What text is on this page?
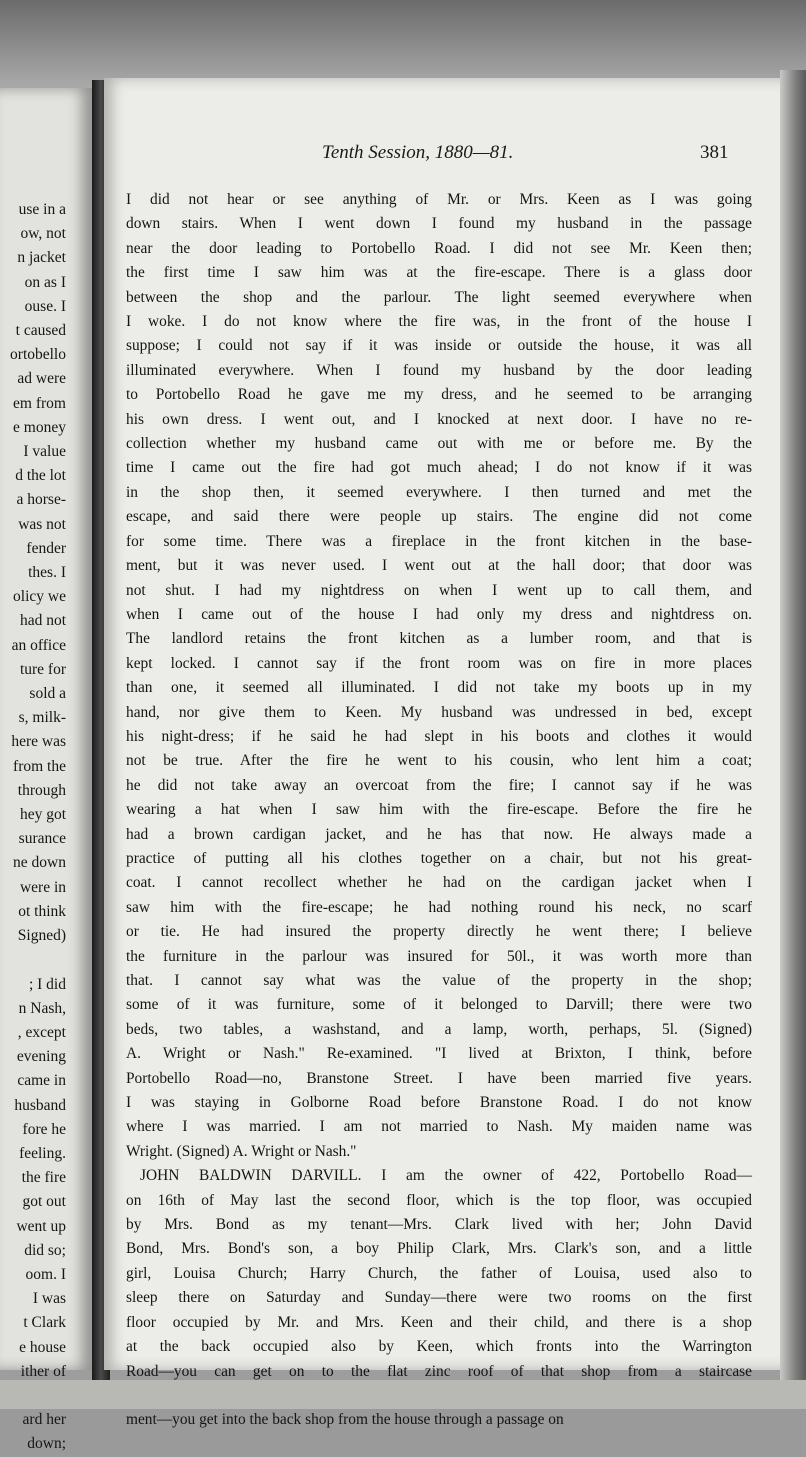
use in a
ow, not
n jacket
on as I
ouse. I
t caused
ortobello
ad were
em from
e money
I value
d the lot
a horse-
was not
fender
thes. I
olicy we
had not
an office
ture for
sold a
s, milk-
here was
from the
through
hey got
surance
ne down
were in
ot think
Signed)

; I did
n Nash,
, except
evening
came in
husband
fore he
feeling.
the fire
got out
went up
did so;
oom. I
I was
t Clark
e house
ither of
ard her
down;
Tenth Session, 1880—81.	381
I did not hear or see anything of Mr. or Mrs. Keen as I was going
down stairs. When I went down I found my husband in the passage
near the door leading to Portobello Road. I did not see Mr. Keen then;
the first time I saw him was at the fire-escape. There is a glass door
between the shop and the parlour. The light seemed everywhere when
I woke. I do not know where the fire was, in the front of the house I
suppose; I could not say if it was inside or outside the house, it was all
illuminated everywhere. When I found my husband by the door leading
to Portobello Road he gave me my dress, and he seemed to be arranging
his own dress. I went out, and I knocked at next door. I have no re-
collection whether my husband came out with me or before me. By the
time I came out the fire had got much ahead; I do not know if it was
in the shop then, it seemed everywhere. I then turned and met the
escape, and said there were people up stairs. The engine did not come
for some time. There was a fireplace in the front kitchen in the base-
ment, but it was never used. I went out at the hall door; that door was
not shut. I had my nightdress on when I went up to call them, and
when I came out of the house I had only my dress and nightdress on.
The landlord retains the front kitchen as a lumber room, and that is
kept locked. I cannot say if the front room was on fire in more places
than one, it seemed all illuminated. I did not take my boots up in my
hand, nor give them to Keen. My husband was undressed in bed, except
his night-dress; if he said he had slept in his boots and clothes it would
not be true. After the fire he went to his cousin, who lent him a coat;
he did not take away an overcoat from the fire; I cannot say if he was
wearing a hat when I saw him with the fire-escape. Before the fire he
had a brown cardigan jacket, and he has that now. He always made a
practice of putting all his clothes together on a chair, but not his great-
coat. I cannot recollect whether he had on the cardigan jacket when I
saw him with the fire-escape; he had nothing round his neck, no scarf
or tie. He had insured the property directly he went there; I believe
the furniture in the parlour was insured for 50l., it was worth more than
that. I cannot say what was the value of the property in the shop;
some of it was furniture, some of it belonged to Darvill; there were two
beds, two tables, a washstand, and a lamp, worth, perhaps, 5l. (Signed)
A. Wright or Nash." Re-examined. "I lived at Brixton, I think, before
Portobello Road—no, Branstone Street. I have been married five years.
I was staying in Golborne Road before Branstone Road. I do not know
where I was married. I am not married to Nash. My maiden name was
Wright. (Signed) A. Wright or Nash."
JOHN BALDWIN DARVILL. I am the owner of 422, Portobello Road—
on 16th of May last the second floor, which is the top floor, was occupied
by Mrs. Bond as my tenant—Mrs. Clark lived with her; John David
Bond, Mrs. Bond's son, a boy Philip Clark, Mrs. Clark's son, and a little
girl, Louisa Church; Harry Church, the father of Louisa, used also to
sleep there on Saturday and Sunday—there were two rooms on the first
floor occupied by Mr. and Mrs. Keen and their child, and there is a shop
at the back occupied also by Keen, which fronts into the Warrington
Road—you can get on to the flat zinc roof of that shop from a staircase
ment—you get into the back shop from the house through a passage on
